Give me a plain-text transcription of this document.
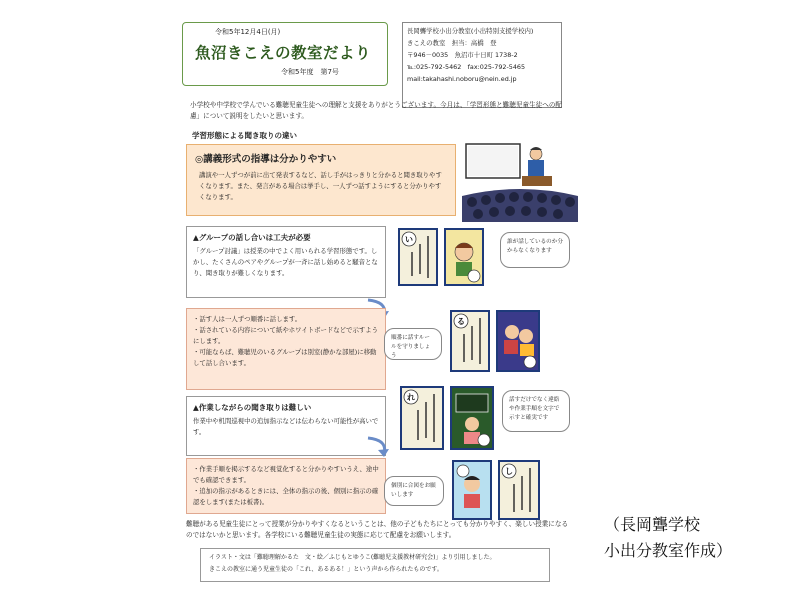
令和5年12月4日(月)
魚沼きこえの教室だより
令和5年度　第7号
長岡聾学校小出分教室(小出特別支援学校内)
きこえの教室　担当：高橋　登
〒946－0035　魚沼市十日町 1738-2
℡:025-792-5462　fax:025-792-5465
mail:takahashi.noboru@nein.ed.jp
小学校や中学校で学んでいる難聴児童生徒への理解と支援をありがとうございます。今月は、「学習形態と難聴児童生徒への配慮」について説明をしたいと思います。
学習形態による聞き取りの違い
◎講義形式の指導は分かりやすい
講演や一人ずつが前に出て発表するなど、話し手がはっきりと分かると聞き取りやすくなります。また、発言がある場合は挙手し、一人ずつ話すようにすると分かりやすくなります。
▲グループの話し合いは工夫が必要
「グループ討議」は授業の中でよく用いられる学習形態です。しかし、たくさんのペアやグループが一斉に話し始めると騒音となり、聞き取りが難しくなります。
・話す人は一人ずつ順番に話します。
・話されている内容について紙やホワイトボードなどで示すようにします。
・可能ならば、難聴児のいるグループは別室(静かな部屋)に移動して話し合います。
▲作業しながらの聞き取りは難しい
作業中や机間巡視中の追加指示などは伝わらない可能性が高いです。
・作業手順を掲示するなど視覚化すると分かりやすいうえ、途中でも確認できます。
・追加の指示があるときには、全体の指示の後、個別に指示の確認をします(または板書)。
い	誰が話しているのか分からなくなります
順番に話すルールを守りましょう
る
れ	話すだけでなく違絡や作業手順を文字で示すと確実です
個別に合図をお願いします
し
難聴がある児童生徒にとって授業が分かりやすくなるということは、他の子どもたちにとっても分かりやすく、楽しい授業になるのではないかと思います。各学校にいる難聴児童生徒の実態に応じて配慮をお願いします。
イラスト・文は「難聴理解かるた　文・絵／ふじもとゆうこ(難聴児支援教材研究会)」より引用しました。
きこえの教室に通う児童生徒の「これ、あるある！」という声から作られたものです。
（長岡聾学校
小出分教室作成）
